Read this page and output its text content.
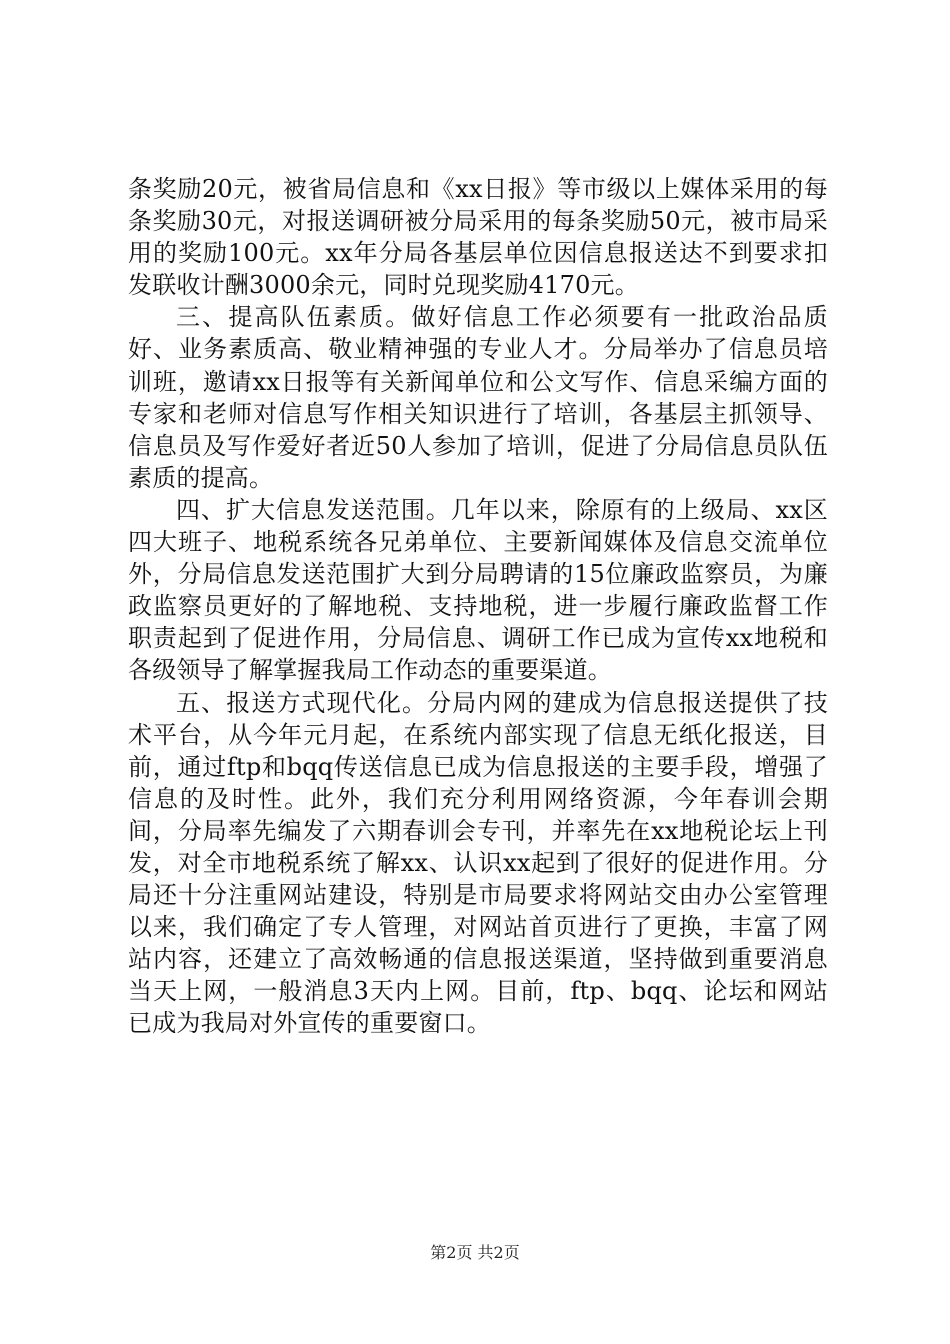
条奖励20元，被省局信息和《xx日报》等市级以上媒体采用的每条奖励30元，对报送调研被分局采用的每条奖励50元，被市局采用的奖励100元。xx年分局各基层单位因信息报送达不到要求扣发联收计酬3000余元，同时兑现奖励4170元。

三、提高队伍素质。做好信息工作必须要有一批政治品质好、业务素质高、敬业精神强的专业人才。分局举办了信息员培训班，邀请xx日报等有关新闻单位和公文写作、信息采编方面的专家和老师对信息写作相关知识进行了培训，各基层主抓领导、信息员及写作爱好者近50人参加了培训，促进了分局信息员队伍素质的提高。

四、扩大信息发送范围。几年以来，除原有的上级局、xx区四大班子、地税系统各兄弟单位、主要新闻媒体及信息交流单位外，分局信息发送范围扩大到分局聘请的15位廉政监察员，为廉政监察员更好的了解地税、支持地税，进一步履行廉政监督工作职责起到了促进作用，分局信息、调研工作已成为宣传xx地税和各级领导了解掌握我局工作动态的重要渠道。

五、报送方式现代化。分局内网的建成为信息报送提供了技术平台，从今年元月起，在系统内部实现了信息无纸化报送，目前，通过ftp和bqq传送信息已成为信息报送的主要手段，增强了信息的及时性。此外，我们充分利用网络资源，今年春训会期间，分局率先编发了六期春训会专刊，并率先在xx地税论坛上刊发，对全市地税系统了解xx、认识xx起到了很好的促进作用。分局还十分注重网站建设，特别是市局要求将网站交由办公室管理以来，我们确定了专人管理，对网站首页进行了更换，丰富了网站内容，还建立了高效畅通的信息报送渠道，坚持做到重要消息当天上网，一般消息3天内上网。目前，ftp、bqq、论坛和网站已成为我局对外宣传的重要窗口。

第2页 共2页
